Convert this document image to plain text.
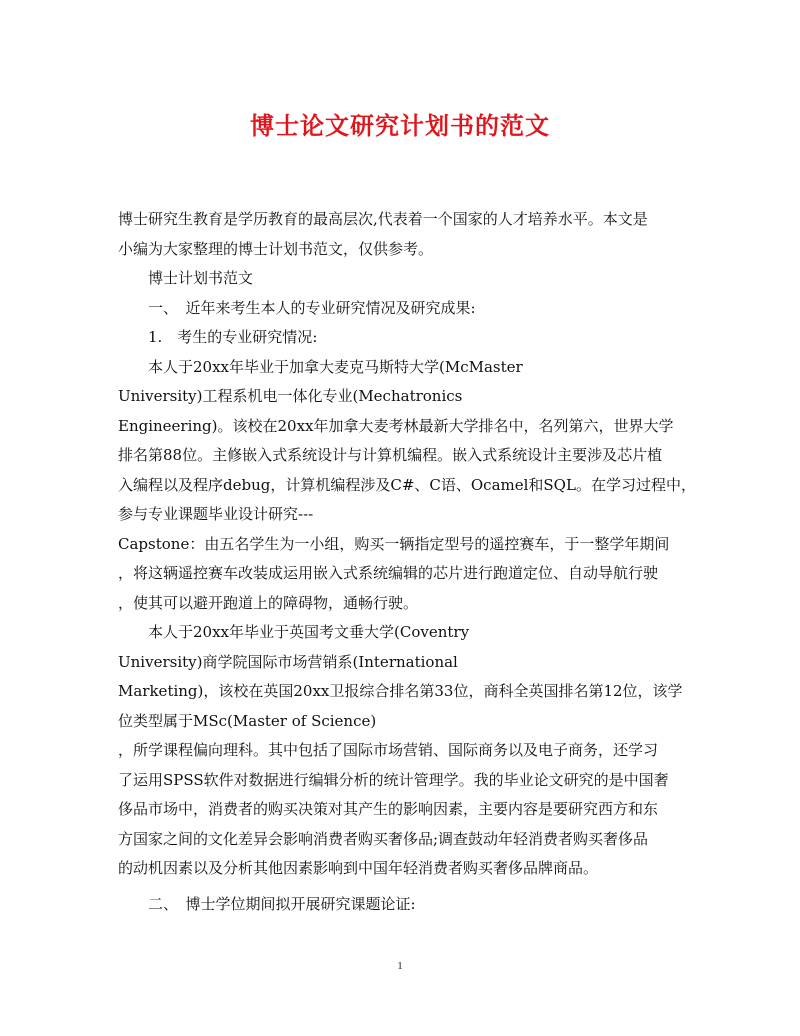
博士论文研究计划书的范文
博士研究生教育是学历教育的最高层次,代表着一个国家的人才培养水平。本文是
小编为大家整理的博士计划书范文，仅供参考。
博士计划书范文
一、　近年来考生本人的专业研究情况及研究成果:
1.　考生的专业研究情况:
本人于20xx年毕业于加拿大麦克马斯特大学(McMaster
University)工程系机电一体化专业(Mechatronics
Engineering)。该校在20xx年加拿大麦考林最新大学排名中，名列第六，世界大学
排名第88位。主修嵌入式系统设计与计算机编程。嵌入式系统设计主要涉及芯片植
入编程以及程序debug，计算机编程涉及C#、C语、Ocamel和SQL。在学习过程中，
参与专业课题毕业设计研究---
Capstone：由五名学生为一小组，购买一辆指定型号的遥控赛车，于一整学年期间
，将这辆遥控赛车改装成运用嵌入式系统编辑的芯片进行跑道定位、自动导航行驶
，使其可以避开跑道上的障碍物，通畅行驶。
本人于20xx年毕业于英国考文垂大学(Coventry
University)商学院国际市场营销系(International
Marketing)，该校在英国20xx卫报综合排名第33位，商科全英国排名第12位，该学
位类型属于MSc(Master of Science)
，所学课程偏向理科。其中包括了国际市场营销、国际商务以及电子商务，还学习
了运用SPSS软件对数据进行编辑分析的统计管理学。我的毕业论文研究的是中国奢
侈品市场中，消费者的购买决策对其产生的影响因素，主要内容是要研究西方和东
方国家之间的文化差异会影响消费者购买奢侈品;调查鼓动年轻消费者购买奢侈品
的动机因素以及分析其他因素影响到中国年轻消费者购买奢侈品牌商品。
二、　博士学位期间拟开展研究课题论证:
1
